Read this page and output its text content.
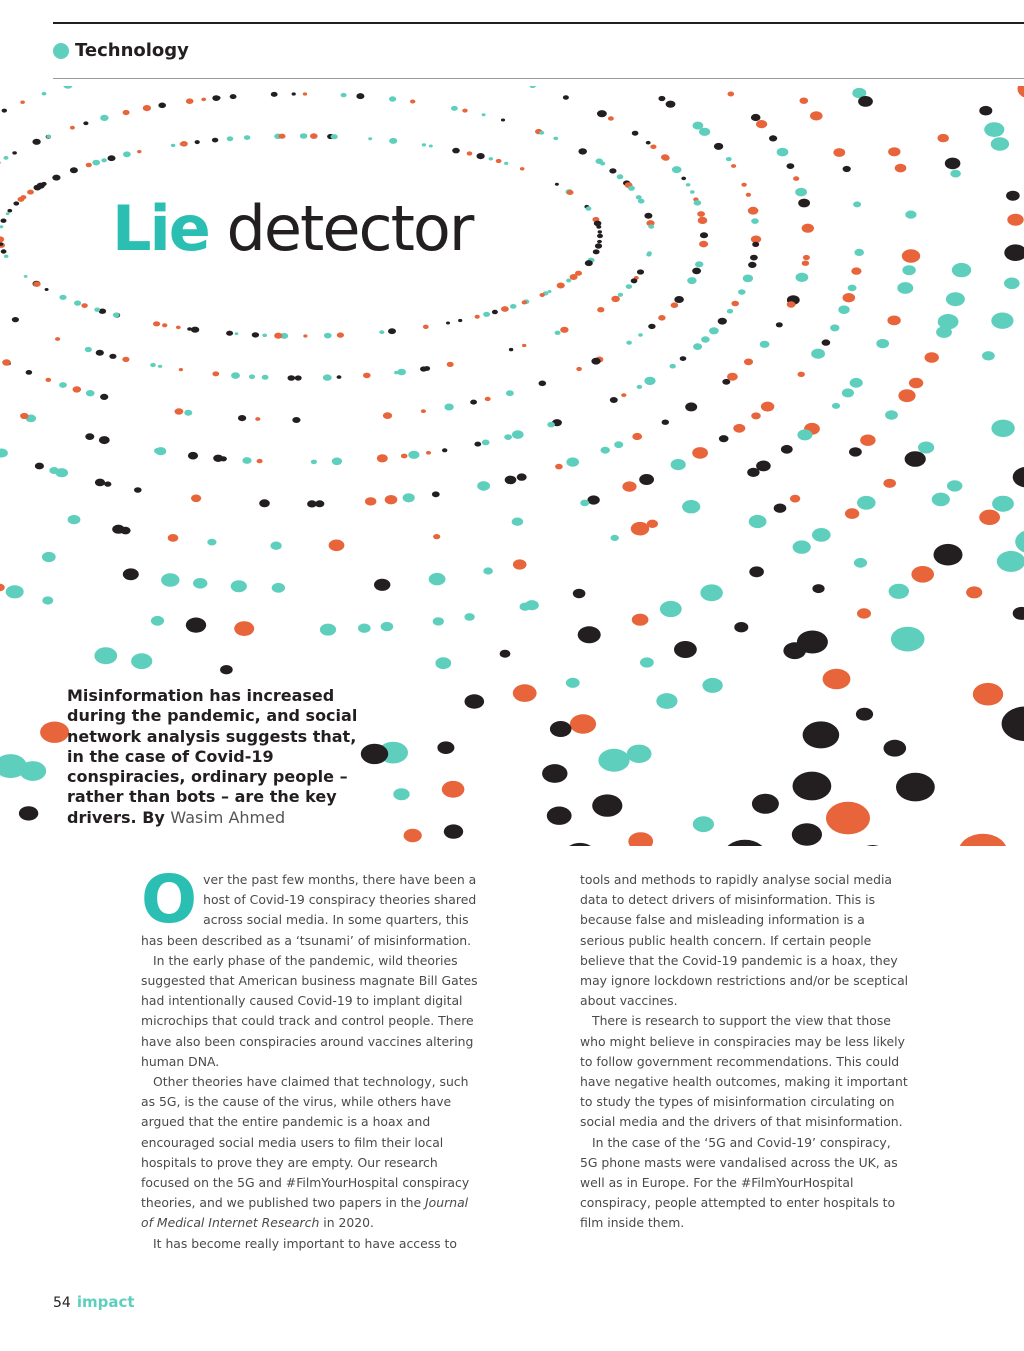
Technology
Lie detector
Misinformation has increased during the pandemic, and social network analysis suggests that, in the case of Covid-19 conspiracies, ordinary people – rather than bots – are the key drivers. By Wasim Ahmed

Over the past few months, there have been a host of Covid-19 conspiracy theories shared across social media. In some quarters, this has been described as a ‘tsunami’ of misinformation.

In the early phase of the pandemic, wild theories suggested that American business magnate Bill Gates had intentionally caused Covid-19 to implant digital microchips that could track and control people. There have also been conspiracies around vaccines altering human DNA.

Other theories have claimed that technology, such as 5G, is the cause of the virus, while others have argued that the entire pandemic is a hoax and encouraged social media users to film their local hospitals to prove they are empty. Our research focused on the 5G and #FilmYourHospital conspiracy theories, and we published two papers in the Journal of Medical Internet Research in 2020.

It has become really important to have access to

tools and methods to rapidly analyse social media data to detect drivers of misinformation. This is because false and misleading information is a serious public health concern. If certain people believe that the Covid-19 pandemic is a hoax, they may ignore lockdown restrictions and/or be sceptical about vaccines.

There is research to support the view that those who might believe in conspiracies may be less likely to follow government recommendations. This could have negative health outcomes, making it important to study the types of misinformation circulating on social media and the drivers of that misinformation.

In the case of the ‘5G and Covid-19’ conspiracy, 5G phone masts were vandalised across the UK, as well as in Europe. For the #FilmYourHospital conspiracy, people attempted to enter hospitals to film inside them.

54 impact
